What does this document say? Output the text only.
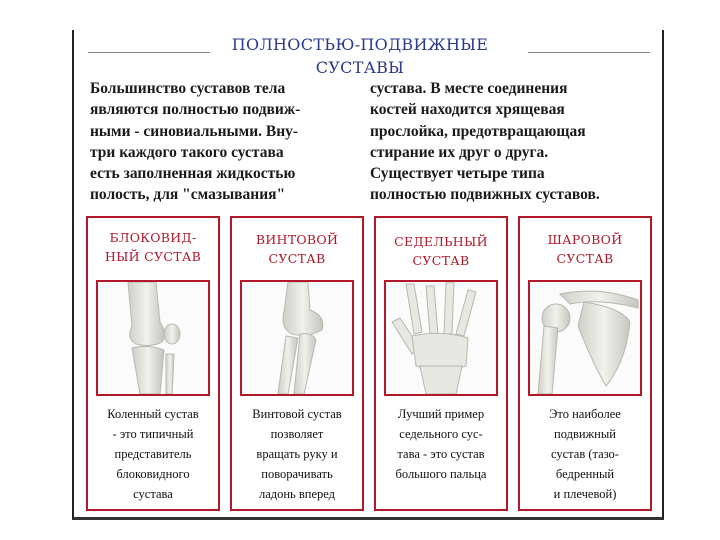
ПОЛНОСТЬЮ-ПОДВИЖНЫЕ
СУСТАВЫ
Большинство суставов тела
являются полностью подвиж-
ными - синовиальными. Вну-
три каждого такого сустава
есть заполненная жидкостью
полость, для "смазывания"
сустава. В месте соединения
костей находится хрящевая
прослойка, предотвращающая
стирание их друг о друга.
Существует четыре типа
полностью подвижных суставов.
БЛОКОВИД-
НЫЙ СУСТАВ
Коленный сустав
- это типичный
представитель
блоковидного
сустава
ВИНТОВОЙ
СУСТАВ
Винтовой сустав
позволяет
вращать руку и
поворачивать
ладонь вперед
СЕДЕЛЬНЫЙ
СУСТАВ
Лучший пример
седельного сус-
тава - это сустав
большого пальца
ШАРОВОЙ
СУСТАВ
Это наиболее
подвижный
сустав (тазо-
бедренный
и плечевой)
